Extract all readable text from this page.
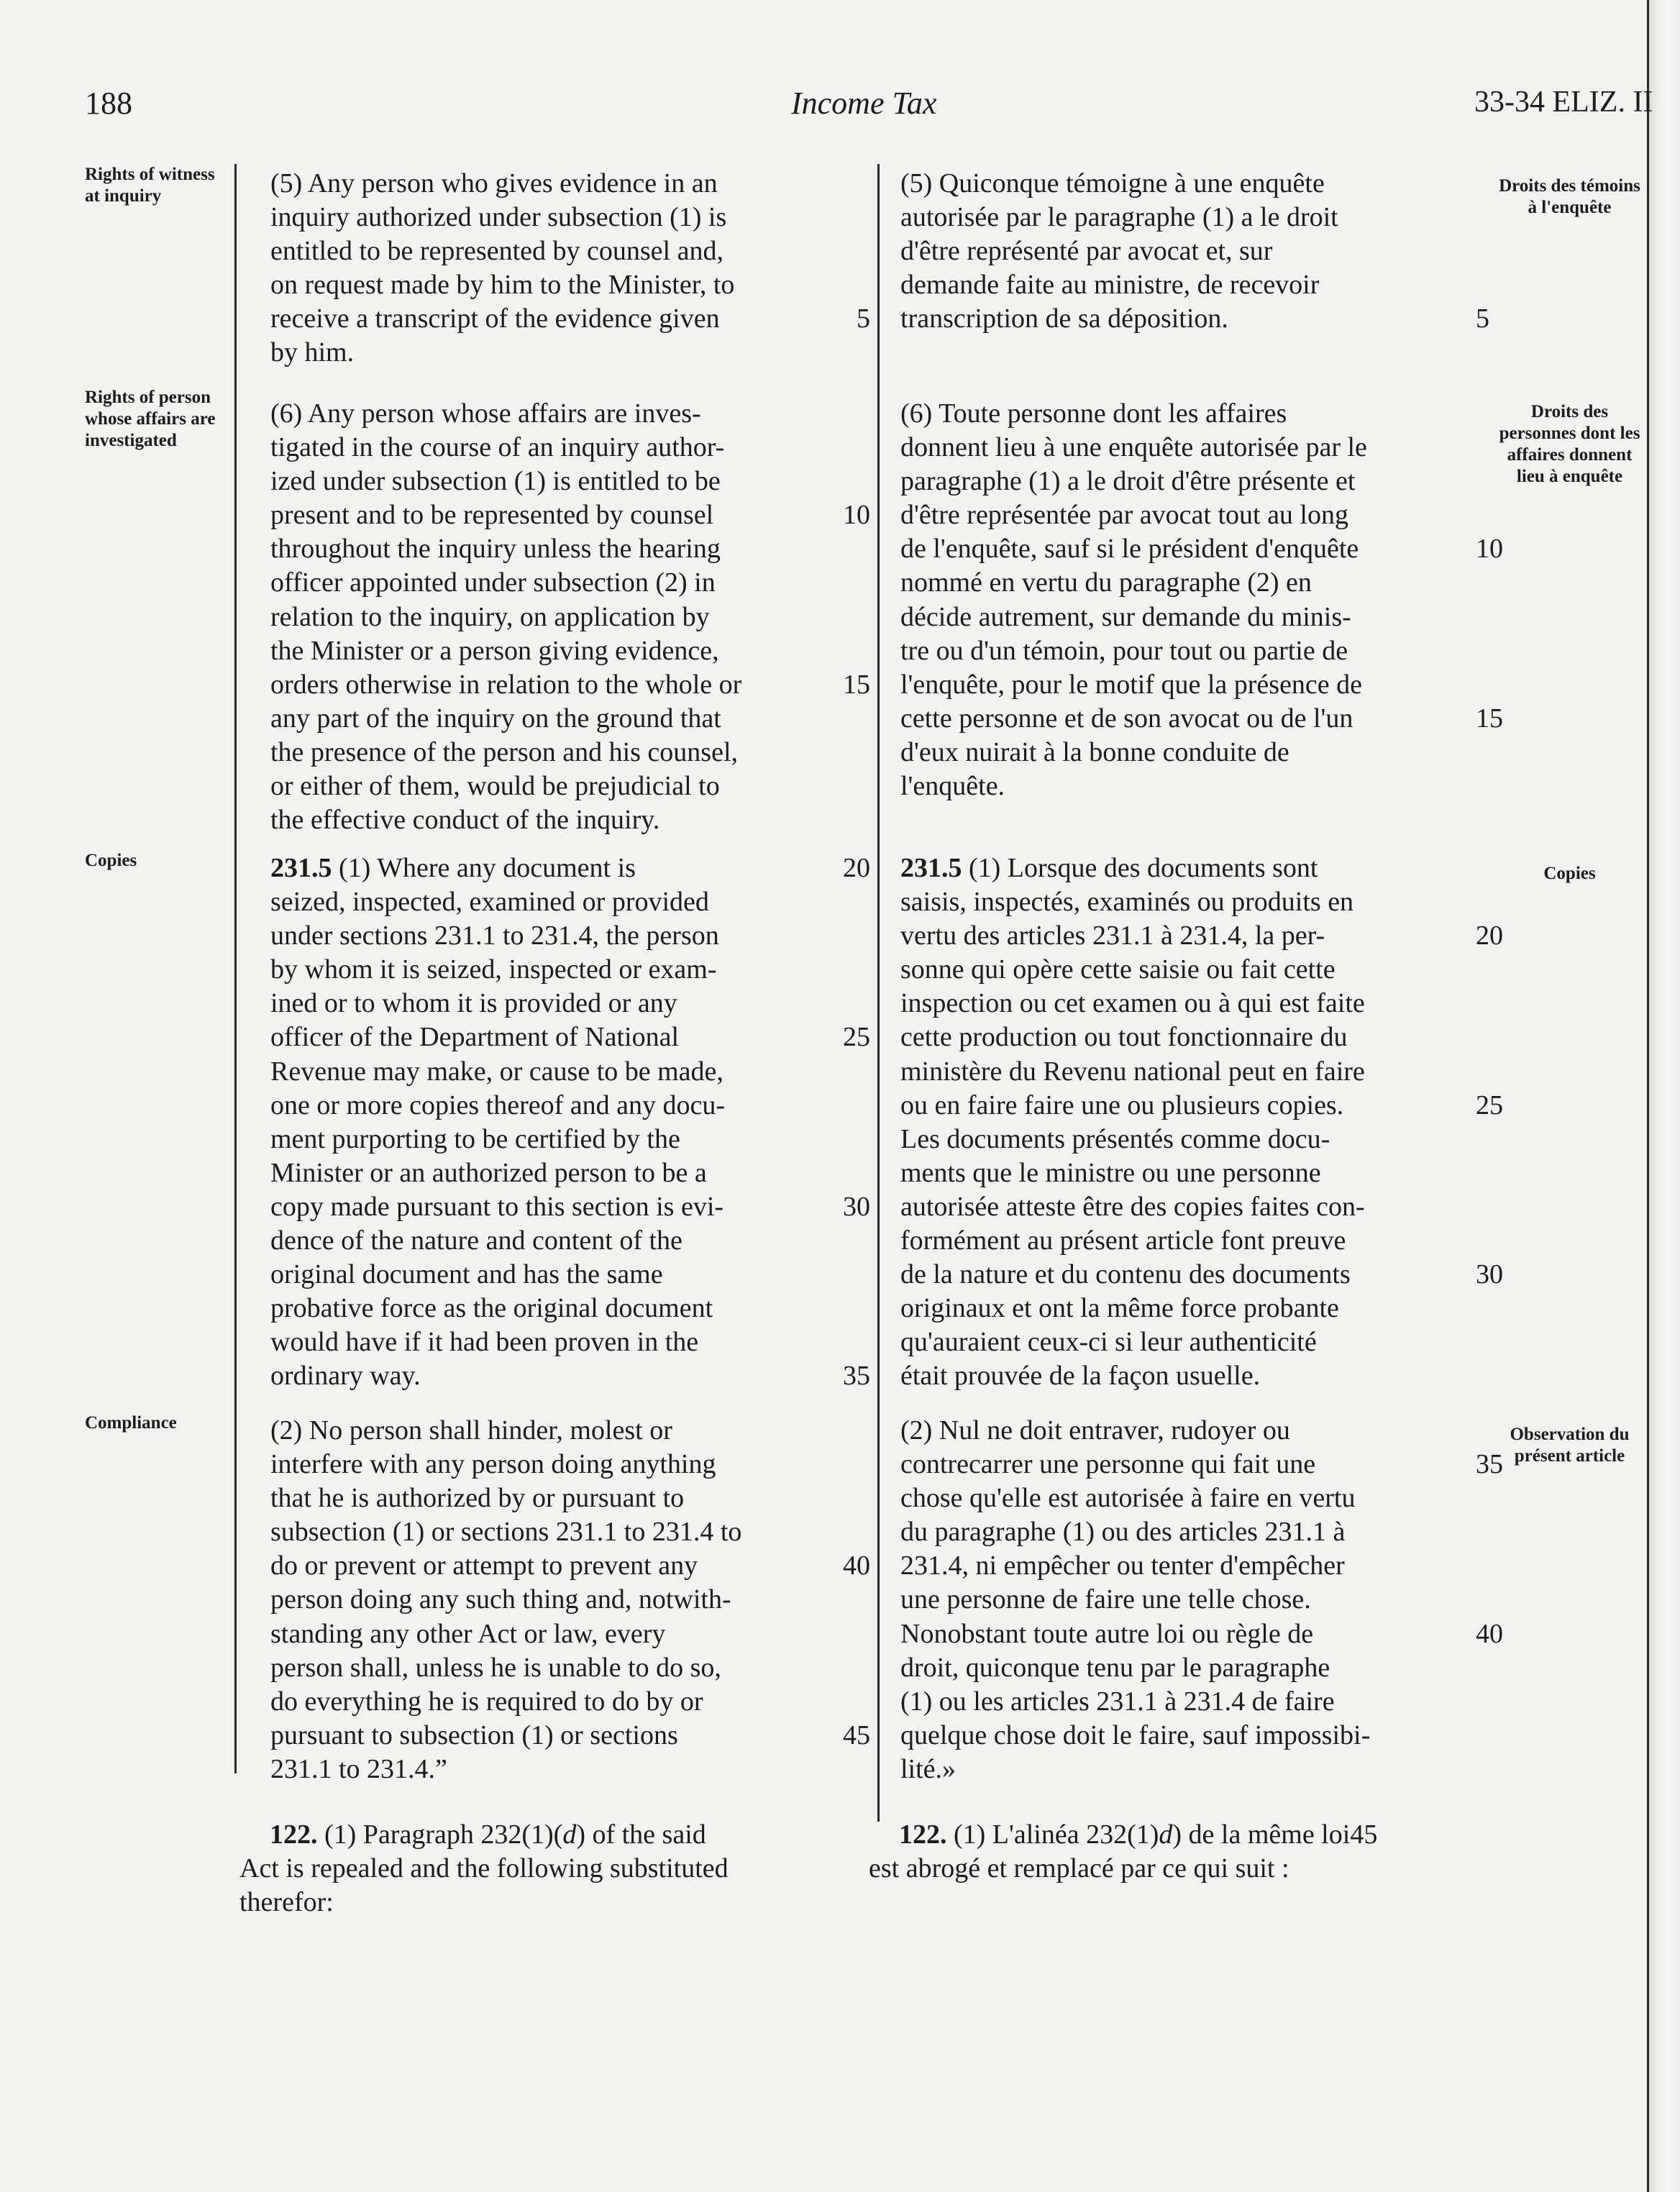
188	Income Tax	33-34 ELIZ. II
Rights of witness at inquiry
Rights of person whose affairs are investigated
Copies
Compliance
Droits des témoins à l'enquête
Droits des personnes dont les affaires donnent lieu à enquête
Copies
Observation du présent article
(5) Any person who gives evidence in an
inquiry authorized under subsection (1) is
entitled to be represented by counsel and,
on request made by him to the Minister, to
receive a transcript of the evidence given	5
by him.
(6) Any person whose affairs are inves-
tigated in the course of an inquiry author-
ized under subsection (1) is entitled to be
present and to be represented by counsel	10
throughout the inquiry unless the hearing
officer appointed under subsection (2) in
relation to the inquiry, on application by
the Minister or a person giving evidence,
orders otherwise in relation to the whole or	15
any part of the inquiry on the ground that
the presence of the person and his counsel,
or either of them, would be prejudicial to
the effective conduct of the inquiry.
231.5 (1) Where any document is	20
seized, inspected, examined or provided
under sections 231.1 to 231.4, the person
by whom it is seized, inspected or exam-
ined or to whom it is provided or any
officer of the Department of National	25
Revenue may make, or cause to be made,
one or more copies thereof and any docu-
ment purporting to be certified by the
Minister or an authorized person to be a
copy made pursuant to this section is evi-	30
dence of the nature and content of the
original document and has the same
probative force as the original document
would have if it had been proven in the
ordinary way.	35
(2) No person shall hinder, molest or
interfere with any person doing anything
that he is authorized by or pursuant to
subsection (1) or sections 231.1 to 231.4 to
do or prevent or attempt to prevent any	40
person doing any such thing and, notwith-
standing any other Act or law, every
person shall, unless he is unable to do so,
do everything he is required to do by or
pursuant to subsection (1) or sections	45
231.1 to 231.4.”
(5) Quiconque témoigne à une enquête
autorisée par le paragraphe (1) a le droit
d'être représenté par avocat et, sur
demande faite au ministre, de recevoir
transcription de sa déposition.	5
(6) Toute personne dont les affaires
donnent lieu à une enquête autorisée par le
paragraphe (1) a le droit d'être présente et
d'être représentée par avocat tout au long
de l'enquête, sauf si le président d'enquête	10
nommé en vertu du paragraphe (2) en
décide autrement, sur demande du minis-
tre ou d'un témoin, pour tout ou partie de
l'enquête, pour le motif que la présence de
cette personne et de son avocat ou de l'un	15
d'eux nuirait à la bonne conduite de
l'enquête.
231.5 (1) Lorsque des documents sont
saisis, inspectés, examinés ou produits en
vertu des articles 231.1 à 231.4, la per-	20
sonne qui opère cette saisie ou fait cette
inspection ou cet examen ou à qui est faite
cette production ou tout fonctionnaire du
ministère du Revenu national peut en faire
ou en faire faire une ou plusieurs copies.	25
Les documents présentés comme docu-
ments que le ministre ou une personne
autorisée atteste être des copies faites con-
formément au présent article font preuve
de la nature et du contenu des documents	30
originaux et ont la même force probante
qu'auraient ceux-ci si leur authenticité
était prouvée de la façon usuelle.
(2) Nul ne doit entraver, rudoyer ou
contrecarrer une personne qui fait une	35
chose qu'elle est autorisée à faire en vertu
du paragraphe (1) ou des articles 231.1 à
231.4, ni empêcher ou tenter d'empêcher
une personne de faire une telle chose.
Nonobstant toute autre loi ou règle de	40
droit, quiconque tenu par le paragraphe
(1) ou les articles 231.1 à 231.4 de faire
quelque chose doit le faire, sauf impossibi-
lité.»
122. (1) Paragraph 232(1)(d) of the said
Act is repealed and the following substituted
therefor:
122. (1) L'alinéa 232(1)d) de la même loi45
est abrogé et remplacé par ce qui suit :
